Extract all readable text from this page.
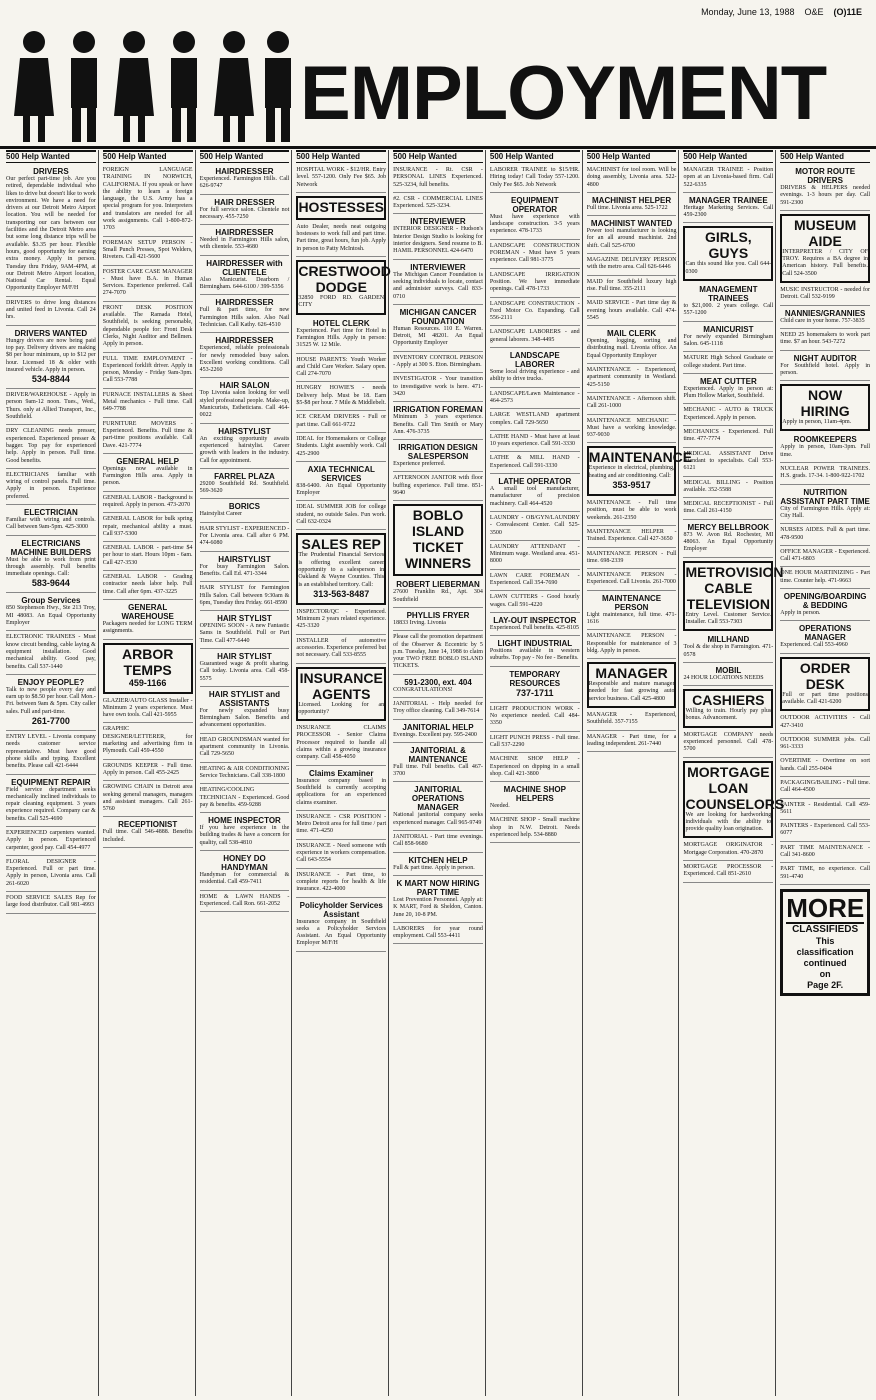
Monday, June 13, 1988 O&E (O)11E
EMPLOYMENT
500 Help Wanted
DRIVERS
Our perfect part-time job. Are you retired, dependable individual who likes to drive but doesn't like to work environment. We have a need for drivers at our Detroit Metro Airport location. You will be needed for transporting our cars between our facilities and the Detroit Metro area but some long distance trips will be available. $3.35 per hour. Flexible hours, good opportunity for earning extra money. Apply in person. Tuesday thru Friday, 9AM-4PM, at our Detroit Metro Airport location, National Car Rental. Equal Opportunity Employer M/F/H
DRIVERS to drive long distances and united feed in Livonia. Call 24 hrs.
DRIVERS WANTED
Hungry drivers are now being paid top pay. Delivery drivers are making $8 per hour minimum, up to $12 per hour. Licensed 18 & older with insured vehicle. Apply in person.
534-8844
DRIVER/WAREHOUSE - Apply in person 9am-12 noon. Tues., Wed., Thurs. only at Allied Transport, Inc., Southfield.
DRY CLEANING needs presser, experienced. Experienced presser & bagger. Top pay for experienced help. Apply in person. Full time. Good benefits.
ELECTRICIANS familiar with wiring of control panels. Full time. Apply in person. Experience preferred.
ELECTRICIAN
Familiar with wiring and controls. Call between 9am-5pm. 425-3000
ELECTRICIANS MACHINE BUILDERS
Must be able to work from print through assembly. Full benefits immediate openings. Call:
583-9644
Group Services
850 Stephenson Hwy., Ste 213 Troy, MI 48083. An Equal Opportunity Employer
ELECTRONIC TRAINEES - Must know circuit bending, cable laying & equipment installation. Good mechanical ability. Good pay, benefits. Call 537-1440
ENJOY PEOPLE?
Talk to new people every day and earn up to $8.50 per hour. Call Mon.-Fri. between 9am & 5pm. City caller sales. Full and part-time.
261-7700
ENTRY LEVEL - Livonia company needs customer service representative. Must have good phone skills and typing. Excellent benefits. Please call 421-6444
EQUIPMENT REPAIR
Field service department seeks mechanically inclined individuals to repair cleaning equipment. 3 years experience required. Company car & benefits. Call 525-4690
EXPERIENCED carpenters wanted. Apply in person. Experienced carpenter, good pay. Call 454-4977
FLORAL DESIGNER - Experienced. Full or part time. Apply in person, Livonia area. Call 261-6020
FOOD SERVICE SALES Rep for large food distributor. Call 981-4993
500 Help Wanted
FOREIGN LANGUAGE TRAINING IN NORWICH, CALIFORNIA. If you speak or have the ability to learn a foreign language, the U.S. Army has a special program for you. Interpreters and translators are needed for all work assignments. Call 1-800-872-1703
FOREMAN SETUP PERSON - Small Punch Presses, Spot Welders, Riveters. Call 421-5600
FOSTER CARE CASE MANAGER - Must have B.A. in Human Services. Experience preferred. Call 274-7070
FRONT DESK POSITION available. The Ramada Hotel, Southfield, is seeking personable, dependable people for: Front Desk Clerks, Night Auditor and Bellmen. Apply in person.
FULL TIME EMPLOYMENT - Experienced forklift driver. Apply in person, Monday - Friday 9am-3pm. Call 553-7788
FURNACE INSTALLERS & Sheet Metal mechanics - Full time. Call 649-7788
FURNITURE MOVERS - Experienced. Benefits. Full time & part-time positions available. Call Dave. 421-7774
GENERAL HELP
Openings now available in Farmington Hills area. Apply in person.
GENERAL LABOR - Background is required. Apply in person. 473-2070
GENERAL LABOR for bulk spring repair, mechanical ability a must. Call 937-5300
GENERAL LABOR - part-time $4 per hour to start. Hours 10pm - 6am. Call 427-3530
GENERAL LABOR - Grading contractor needs labor help. Full time. Call after 6pm. 437-3225
GENERAL WAREHOUSE
Packagers needed for LONG TERM assignments.
ARBOR TEMPS
459-1166
GLAZIER/AUTO GLASS Installer - Minimum 2 years experience. Must have own tools. Call 421-5955
GRAPHIC DESIGNER/LETTERER, for marketing and advertising firm in Plymouth. Call 459-4550
GROUNDS KEEPER - Full time. Apply in person. Call 455-2425
GROWING CHAIN in Detroit area seeking general managers, managers and assistant managers. Call 261-5760
RECEPTIONIST
Full time. Call 546-4888. Benefits included.
500 Help Wanted
HAIRDRESSER
Experienced. Farmington Hills. Call 626-9747
HAIR DRESSER
For full service salon. Clientele not necessary. 455-7250
HAIRDRESSER
Needed in Farmington Hills salon, with clientele. 553-4680
HAIRDRESSER with CLIENTELE
Also Manicurist. Dearborn / Birmingham. 644-6100 / 399-5356
HAIRDRESSER
Full & part time, for new Farmington Hills salon. Also Nail Technician. Call Kathy. 626-4510
HAIRDRESSER
Experienced, reliable professionals for newly remodeled busy salon. Excellent working conditions. Call 453-2260
HAIR SALON
Top Livonia salon looking for well styled professional people. Make-up, Manicurists, Estheticians. Call 464-0022
HAIRSTYLIST
An exciting opportunity awaits experienced hairstylist. Career growth with leaders in the industry. Call for appointment.
FARREL PLAZA
29200 Southfield Rd. Southfield. 569-3620
BORICS
Hairstylist Career
HAIR STYLIST - EXPERIENCED - For Livonia area. Call after 6 PM. 474-6080
HAIRSTYLIST
For busy Farmington Salon. Benefits. Call Ed. 471-3344
HAIR STYLIST for Farmington Hills Salon. Call between 9:30am & 6pm, Tuesday thru Friday. 661-8590
HAIR STYLIST
OPENING SOON - A new Fantastic Sams in Southfield. Full or Part Time. Call 477-6440
HAIR STYLIST
Guaranteed wage & profit sharing. Call today. Livonia area. Call 458-5575
HAIR STYLIST and ASSISTANTS
For newly expanded busy Birmingham Salon. Benefits and advancement opportunities.
HEAD GROUNDSMAN wanted for apartment community in Livonia. Call 729-5650
HEATING & AIR CONDITIONING Service Technicians. Call 338-1800
HEATING/COOLING TECHNICIAN - Experienced. Good pay & benefits. 459-9288
HOME INSPECTOR
If you have experience in the building trades & have a concern for quality, call 538-4810
HONEY DO HANDYMAN
Handyman for commercial & residential. Call 459-7411
HOME & LAWN HANDS - Experienced. Call Ron. 661-2052
500 Help Wanted
HOSPITAL WORK - $12/HR. Entry level. 557-1200. Only Fee $65. Job Network
HOSTESSES
Auto Dealer, needs neat outgoing hostesses to work full and part time. Part time, great hours, fun job. Apply in person to Patty McIntosh.
CRESTWOOD DODGE
32850 FORD RD. GARDEN CITY
HOTEL CLERK
Experienced. Part time for Hotel in Farmington Hills. Apply in person: 31525 W. 12 Mile.
HOUSE PARENTS: Youth Worker and Child Care Worker. Salary open. Call 274-7070
HUNGRY HOWIE'S - needs Delivery help. Must be 18. Earn $5-$8 per hour. 7 Mile & Middlebelt.
ICE CREAM DRIVERS - Full or part time. Call 661-9722
IDEAL for Homemakers or College Students. Light assembly work. Call 425-2900
AXIA TECHNICAL SERVICES
838-6400. An Equal Opportunity Employer
IDEAL SUMMER JOB for college student, no outside Sales. Fun work. Call 632-0324
SALES REP
The Prudential Financial Services is offering excellent career opportunity to a salesperson in Oakland & Wayne Counties. This is an established territory. Call:
313-563-8487
INSPECTOR/QC - Experienced. Minimum 2 years related experience. 425-3320
INSTALLER of automotive accessories. Experience preferred but not necessary. Call 533-8555
INSURANCE AGENTS
Licensed. Looking for an opportunity?
INSURANCE CLAIMS PROCESSOR - Senior Claims Processor required to handle all claims within a growing insurance company. Call 458-4050
Claims Examiner
Insurance company based in Southfield is currently accepting applications for an experienced claims examiner.
INSURANCE - CSR POSITION - Metro Detroit area for full time / part time. 471-4250
INSURANCE - Need someone with experience in workers compensation. Call 643-5554
INSURANCE - Part time, to complete reports for health & life insurance. 422-4000
Policyholder Services Assistant
Insurance company in Southfield seeks a Policyholder Services Assistant. An Equal Opportunity Employer M/F/H
500 Help Wanted
INSURANCE - Rt. CSR - PERSONAL LINES Experienced. 525-3234, full benefits.
#2. CSR - COMMERCIAL LINES Experienced. 525-3234.
INTERVIEWER
INTERIOR DESIGNER - Hudson's Interior Design Studio is looking for interior designers. Send resume to B. HAMIL PERSONNEL 424-6470
INTERVIEWER
The Michigan Cancer Foundation is seeking individuals to locate, contact and administer surveys. Call 833-0710
MICHIGAN CANCER FOUNDATION
Human Resources. 110 E. Warren. Detroit, MI 48201. An Equal Opportunity Employer
INVENTORY CONTROL PERSON - Apply at 300 S. Eton. Birmingham.
INVESTIGATOR - Your transition to investigative work is here. 471-3420
IRRIGATION FOREMAN
Minimum 3 years experience. Benefits. Call Tim Smith or Mary Ann. 476-3735
IRRIGATION DESIGN SALESPERSON
Experience preferred.
AFTERNOON JANITOR with floor buffing experience. Full time. 851-9640
BOBLO ISLAND TICKET WINNERS
ROBERT LIEBERMAN
27600 Franklin Rd., Apt. 304 Southfield
PHYLLIS FRYER
18833 Irving. Livonia
Please call the promotion department of the Observer & Eccentric by 5 p.m. Tuesday, June 14, 1988 to claim your TWO FREE BOBLO ISLAND TICKETS.
591-2300, ext. 404
CONGRATULATIONS!
JANITORIAL - Help needed for Troy office cleaning. Call 349-7614
JANITORIAL HELP
Evenings. Excellent pay. 595-2400
JANITORIAL & MAINTENANCE
Full time. Full benefits. Call 467-3700
JANITORIAL OPERATIONS MANAGER
National janitorial company seeks experienced manager. Call 965-9749
JANITORIAL - Part time evenings. Call 858-9680
KITCHEN HELP
Full & part time. Apply in person.
K MART NOW HIRING PART TIME
Lost Prevention Personnel. Apply at: K MART, Ford & Sheldon, Canton. June 20, 10-8 PM.
LABORERS for year round employment. Call 553-4411
500 Help Wanted
LABORER TRAINEE to $15/HR. Hiring today! Call Today 557-1200. Only Fee $65. Job Network
EQUIPMENT OPERATOR
Must have experience with landscape construction. 3-5 years experience. 478-1733
LANDSCAPE CONSTRUCTION FOREMAN - Must have 5 years experience. Call 981-3775
LANDSCAPE IRRIGATION Position. We have immediate openings. Call 478-1733
LANDSCAPE CONSTRUCTION - Ford Motor Co. Expanding. Call 556-2111
LANDSCAPE LABORERS - and general laborers. 348-4495
LANDSCAPE LABORER
Some local driving experience - and ability to drive trucks.
LANDSCAPE/Lawn Maintenance - 464-2573
LARGE WESTLAND apartment complex. Call 729-5650
LATHE HAND - Must have at least 10 years experience. Call 591-3330
LATHE & MILL HAND - Experienced. Call 591-3330
LATHE OPERATOR
A small tool manufacturer, manufacturer of precision machinery. Call 464-4520
LAUNDRY - OB/GYN/LAUNDRY - Convalescent Center. Call 525-3500
LAUNDRY ATTENDANT - Minimum wage. Westland area. 451-8000
LAWN CARE FOREMAN - Experienced. Call 354-7690
LAWN CUTTERS - Good hourly wages. Call 591-4220
LAY-OUT INSPECTOR
Experienced. Full benefits. 425-8105
LIGHT INDUSTRIAL
Positions available in western suburbs. Top pay - No fee - Benefits.
TEMPORARY RESOURCES
737-1711
LIGHT PRODUCTION WORK - No experience needed. Call 484-3350
LIGHT PUNCH PRESS - Full time. Call 537-2290
MACHINE SHOP HELP - Experienced on dipping in a small shop. Call 421-3800
MACHINE SHOP HELPERS
Needed.
MACHINE SHOP - Small machine shop in N.W. Detroit. Needs experienced help. 534-8880
500 Help Wanted
MACHINIST for tool room. Will be doing assembly, Livonia area. 522-4800
MACHINIST HELPER
Full time. Livonia area. 525-1722
MACHINIST WANTED
Power tool manufacturer is looking for an all around machinist. 2nd shift. Call 525-6700
MAGAZINE DELIVERY PERSON with the metro area. Call 626-6446
MAID for Southfield luxury high rise. Full time. 355-2111
MAID SERVICE - Part time day & evening hours available. Call 474-5545
MAIL CLERK
Opening, logging, sorting and distributing mail. Livonia office. An Equal Opportunity Employer
MAINTENANCE - Experienced, apartment community in Westland. 425-5150
MAINTENANCE - Afternoon shift. Call 261-1000
MAINTENANCE MECHANIC - Must have a working knowledge. 937-9030
MAINTENANCE
Experience in electrical, plumbing, heating and air conditioning. Call:
353-9517
MAINTENANCE - Full time position, must be able to work weekends. 261-2350
MAINTENANCE HELPER - Trained. Experience. Call 427-3650
MAINTENANCE PERSON - Full time. 698-2339
MAINTENANCE PERSON - Experienced. Call Livonia. 261-7000
MAINTENANCE PERSON
Light maintenance, full time. 471-1616
MAINTENANCE PERSON - Responsible for maintenance of 3 bldg. Apply in person.
MANAGER
Responsible and mature manager needed for fast growing auto service business. Call 425-4800
MANAGER - Experienced, Southfield. 357-7155
MANAGER - Part time, for a leading independent. 261-7440
500 Help Wanted
MANAGER TRAINEE - Position open at an Livonia-based firm. Call 522-6335
MANAGER TRAINEE
Heritage Marketing Services. Call 459-2300
GIRLS, GUYS
Can this sound like you. Call 644-0300
MANAGEMENT TRAINEES
to $21,000. 2 years college. Call 557-1200
MANICURIST
For newly expanded Birmingham Salon. 645-1118
MATURE High School Graduate or college student. Part time.
MEAT CUTTER
Experienced. Apply in person at: Plum Hollow Market, Southfield.
MECHANIC - AUTO & TRUCK Experienced. Apply in person.
MECHANICS - Experienced. Full time. 477-7774
MEDICAL ASSISTANT Drive attendant to specialists. Call 553-6121
MEDICAL BILLING - Position available. 352-5588
MEDICAL RECEPTIONIST - Full time. Call 261-4150
MERCY BELLBROOK
873 W. Avon Rd. Rochester, MI 48063. An Equal Opportunity Employer
METROVISION CABLE TELEVISION
Entry Level. Customer Service. Installer. Call 553-7303
MILLHAND
Tool & die shop in Farmington. 471-0578
MOBIL
24 HOUR LOCATIONS NEEDS
CASHIERS
Willing to train. Hourly pay plus bonus. Advancement.
MORTGAGE COMPANY needs experienced personnel. Call 478-5700
MORTGAGE LOAN COUNSELORS
We are looking for hardworking individuals with the ability to provide quality loan origination.
MORTGAGE ORIGINATOR - Mortgage Corporation. 470-2870
MORTGAGE PROCESSOR - Experienced. Call 851-2610
500 Help Wanted
MOTOR ROUTE DRIVERS
DRIVERS & HELPERS needed evenings. 1-3 hours per day. Call 591-2300
MUSEUM AIDE
INTERPRETER / CITY OF TROY. Requires a BA degree in American history. Full benefits. Call 524-3500
MUSIC INSTRUCTOR - needed for Detroit. Call 532-9199
NANNIES/GRANNIES
Child care in your home. 757-3835
NEED 25 homemakers to work part time. $7 an hour. 543-7272
NIGHT AUDITOR
For Southfield hotel. Apply in person.
NOW HIRING
Apply in person, 11am-4pm.
ROOMKEEPERS
Apply in person, 10am-3pm. Full time.
NUCLEAR POWER TRAINEES. H.S. grads. 17-34. 1-800-922-1702
NUTRITION ASSISTANT PART TIME
City of Farmington Hills. Apply at: City Hall.
NURSES AIDES. Full & part time. 478-9500
OFFICE MANAGER - Experienced. Call 471-6803
ONE HOUR MARTINIZING - Part time. Counter help. 471-9663
OPENING/BOARDING & BEDDING
Apply in person.
OPERATIONS MANAGER
Experienced. Call 553-4960
ORDER DESK
Full or part time positions available. Call 421-6200
OUTDOOR ACTIVITIES - Call 427-3410
OUTDOOR SUMMER jobs. Call 961-3333
OVERTIME - Overtime on sort hands. Call 255-0404
PACKAGING/BAILING - Full time. Call 464-4500
PAINTER - Residential. Call 459-5611
PAINTERS - Experienced. Call 553-6077
PART TIME MAINTENANCE - Call 341-8600
PART TIME, no experience. Call 591-4740
MORE
CLASSIFIEDS
This classification
continued
on
Page 2F.
